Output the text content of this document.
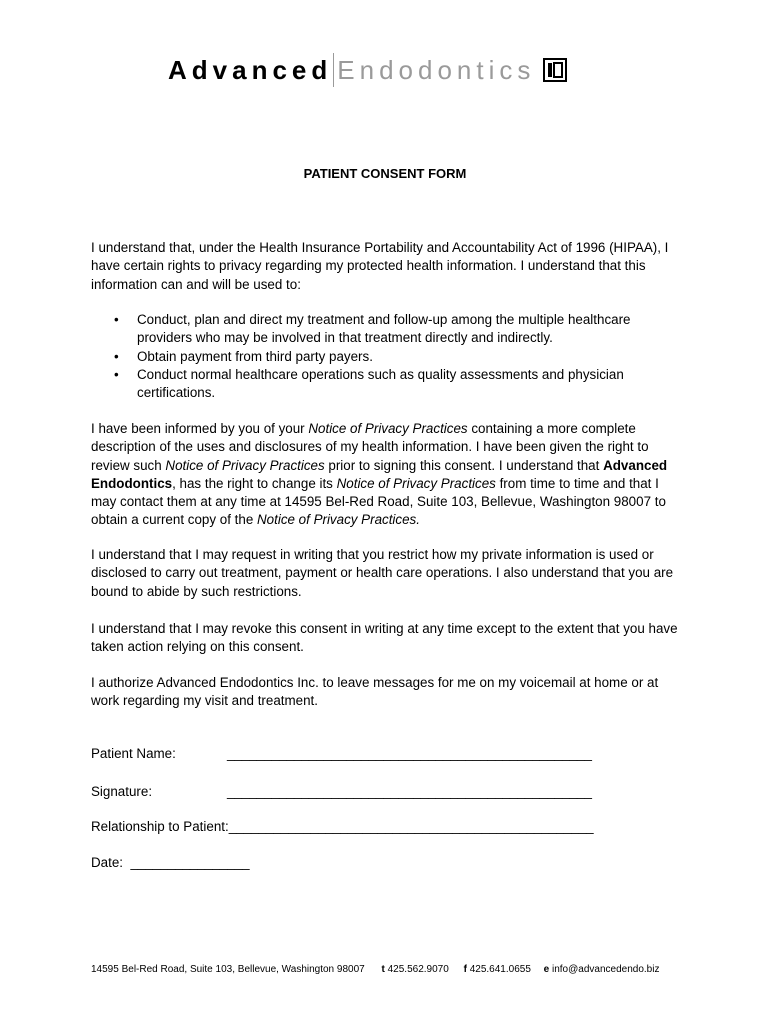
Advanced Endodontics
PATIENT CONSENT FORM

I understand that, under the Health Insurance Portability and Accountability Act of 1996 (HIPAA), I have certain rights to privacy regarding my protected health information. I understand that this information can and will be used to:

• Conduct, plan and direct my treatment and follow-up among the multiple healthcare providers who may be involved in that treatment directly and indirectly.
• Obtain payment from third party payers.
• Conduct normal healthcare operations such as quality assessments and physician certifications.

I have been informed by you of your Notice of Privacy Practices containing a more complete description of the uses and disclosures of my health information. I have been given the right to review such Notice of Privacy Practices prior to signing this consent. I understand that Advanced Endodontics, has the right to change its Notice of Privacy Practices from time to time and that I may contact them at any time at 14595 Bel-Red Road, Suite 103, Bellevue, Washington 98007 to obtain a current copy of the Notice of Privacy Practices.

I understand that I may request in writing that you restrict how my private information is used or disclosed to carry out treatment, payment or health care operations. I also understand that you are bound to abide by such restrictions.

I understand that I may revoke this consent in writing at any time except to the extent that you have taken action relying on this consent.

I authorize Advanced Endodontics Inc. to leave messages for me on my voicemail at home or at work regarding my visit and treatment.

Patient Name:	_________________________________________________
Signature:	_________________________________________________
Relationship to Patient:_________________________________________________
Date: ________________
14595 Bel-Red Road, Suite 103, Bellevue, Washington 98007 t 425.562.9070 f 425.641.0655 e info@advancedendo.biz
